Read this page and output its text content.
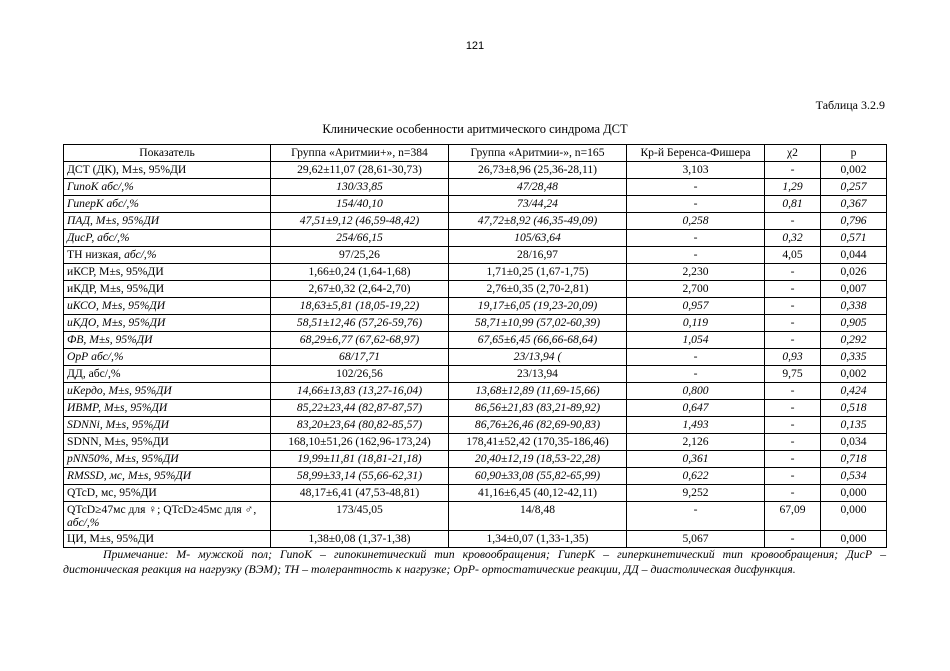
121
Таблица 3.2.9
Клинические особенности аритмического синдрома ДСТ
Показатель	Группа «Аритмии+», n=384	Группа «Аритмии-», n=165	Кр-й Беренса-Фишера	χ2	p
ДСТ (ДК), M±s, 95%ДИ	29,62±11,07 (28,61-30,73)	26,73±8,96 (25,36-28,11)	3,103	-	0,002
ГипоК абс/,%	130/33,85	47/28,48	-	1,29	0,257
ГиперК абс/,%	154/40,10	73/44,24	-	0,81	0,367
ПАД, M±s, 95%ДИ	47,51±9,12 (46,59-48,42)	47,72±8,92 (46,35-49,09)	0,258	-	0,796
ДисР, абс/,%	254/66,15	105/63,64	-	0,32	0,571
ТН низкая, абс/,%	97/25,26	28/16,97	-	4,05	0,044
иКСР, M±s, 95%ДИ	1,66±0,24 (1,64-1,68)	1,71±0,25 (1,67-1,75)	2,230	-	0,026
иКДР, M±s, 95%ДИ	2,67±0,32 (2,64-2,70)	2,76±0,35 (2,70-2,81)	2,700	-	0,007
иКСО, M±s, 95%ДИ	18,63±5,81 (18,05-19,22)	19,17±6,05 (19,23-20,09)	0,957	-	0,338
иКДО, M±s, 95%ДИ	58,51±12,46 (57,26-59,76)	58,71±10,99 (57,02-60,39)	0,119	-	0,905
ФВ, M±s, 95%ДИ	68,29±6,77 (67,62-68,97)	67,65±6,45 (66,66-68,64)	1,054	-	0,292
ОрР абс/,%	68/17,71	23/13,94 (	-	0,93	0,335
ДД, абс/,%	102/26,56	23/13,94	-	9,75	0,002
иКердо, M±s, 95%ДИ	14,66±13,83 (13,27-16,04)	13,68±12,89 (11,69-15,66)	0,800	-	0,424
ИВМР, M±s, 95%ДИ	85,22±23,44 (82,87-87,57)	86,56±21,83 (83,21-89,92)	0,647	-	0,518
SDNNi, M±s, 95%ДИ	83,20±23,64 (80,82-85,57)	86,76±26,46 (82,69-90,83)	1,493	-	0,135
SDNN, M±s, 95%ДИ	168,10±51,26 (162,96-173,24)	178,41±52,42 (170,35-186,46)	2,126	-	0,034
pNN50%, M±s, 95%ДИ	19,99±11,81 (18,81-21,18)	20,40±12,19 (18,53-22,28)	0,361	-	0,718
RMSSD, мс, M±s, 95%ДИ	58,99±33,14 (55,66-62,31)	60,90±33,08 (55,82-65,99)	0,622	-	0,534
QTcD, мс, 95%ДИ	48,17±6,41 (47,53-48,81)	41,16±6,45 (40,12-42,11)	9,252	-	0,000
QTcD≥47мс для ♀; QTcD≥45мс для ♂, абс/,%	173/45,05	14/8,48	-	67,09	0,000
ЦИ, M±s, 95%ДИ	1,38±0,08 (1,37-1,38)	1,34±0,07 (1,33-1,35)	5,067	-	0,000
Примечание: М- мужской пол; ГипоК – гипокинетический тип кровообращения; ГиперК – гиперкинетический тип кровообращения; ДисР – дистоническая реакция на нагрузку (ВЭМ); ТН – толерантность к нагрузке; ОрР- ортостатические реакции, ДД – диастолическая дисфункция.
